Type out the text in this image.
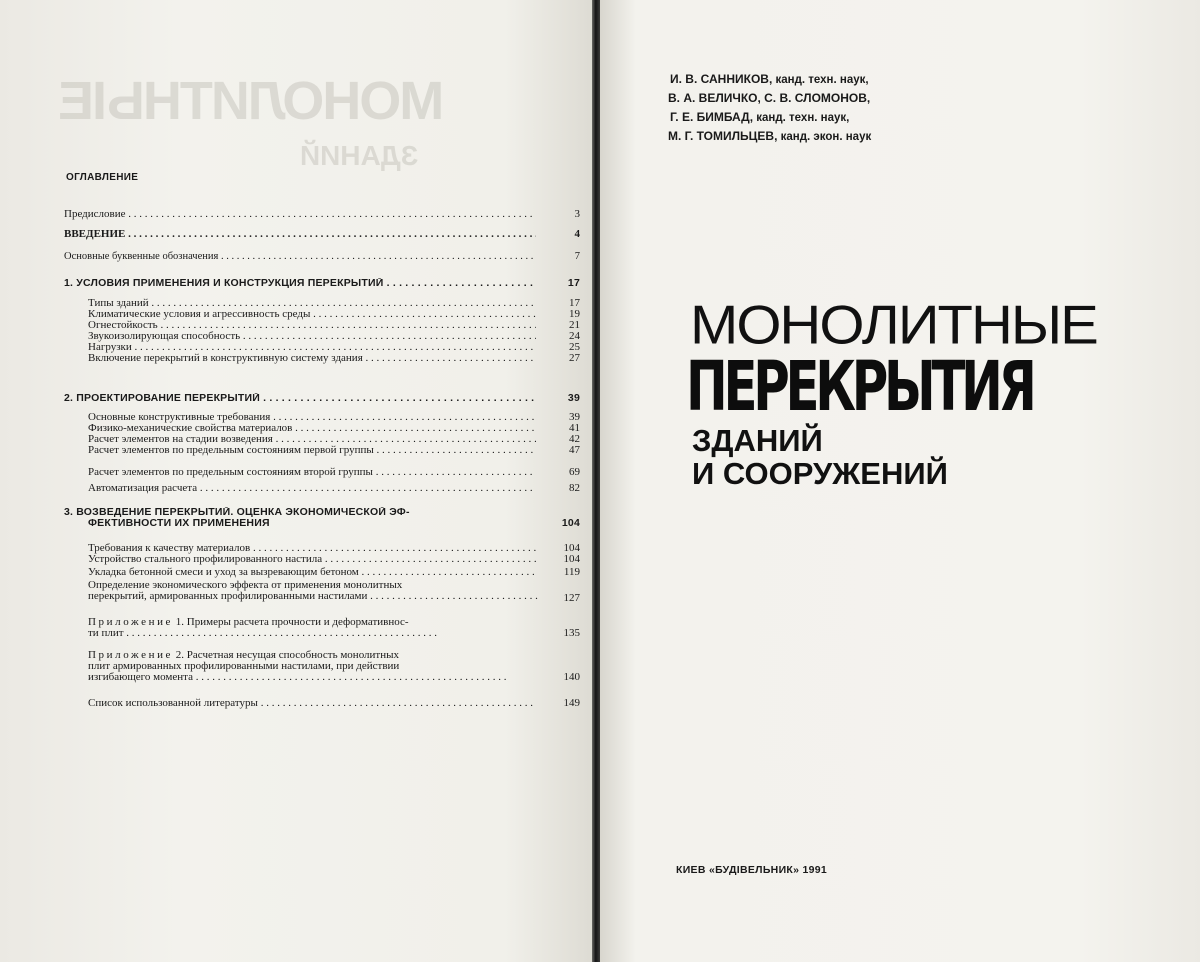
МОНОЛИТНЫЕ
ЗДАНИЙ
ОГЛАВЛЕНИЕ
Предисловие . . .	3
ВВЕДЕНИЕ . . .	4
Основные буквенные обозначения . . .	7
1. УСЛОВИЯ ПРИМЕНЕНИЯ И КОНСТРУКЦИЯ ПЕРЕКРЫТИЙ . . .	17
Типы зданий . . .	17
Климатические условия и агрессивность среды . . .	19
Огнестойкость . . .	21
Звукоизолирующая способность . . .	24
Нагрузки . . .	25
Включение перекрытий в конструктивную систему здания . . .	27
2. ПРОЕКТИРОВАНИЕ ПЕРЕКРЫТИЙ . . .	39
Основные конструктивные требования . . .	39
Физико-механические свойства материалов . . .	41
Расчет элементов на стадии возведения . . .	42
Расчет элементов по предельным состояниям первой группы . . .	47
Расчет элементов по предельным состояниям второй группы . . .	69
Автоматизация расчета . . .	82
3. ВОЗВЕДЕНИЕ ПЕРЕКРЫТИЙ. ОЦЕНКА ЭКОНОМИЧЕСКОЙ ЭФ-
ФЕКТИВНОСТИ ИХ ПРИМЕНЕНИЯ	104
Требования к качеству материалов . . .	104
Устройство стального профилированного настила . . .	104
Укладка бетонной смеси и уход за вызревающим бетоном . . .	119
Определение экономического эффекта от применения монолитных
перекрытий, армированных профилированными настилами . . .	127
Приложение 1. Примеры расчета прочности и деформативнос-
ти плит . . .	135
Приложение 2. Расчетная несущая способность монолитных
плит армированных профилированными настилами, при действии
изгибающего момента . . .	140
Список использованной литературы . . .	149
И. В. САННИКОВ, канд. техн. наук,
В. А. ВЕЛИЧКО, С. В. СЛОМОНОВ,
Г. Е. БИМБАД, канд. техн. наук,
М. Г. ТОМИЛЬЦЕВ, канд. экон. наук
МОНОЛИТНЫЕ
ПЕРЕКРЫТИЯ
ЗДАНИЙ
И СООРУЖЕНИЙ
КИЕВ «БУДІВЕЛЬНИК» 1991
